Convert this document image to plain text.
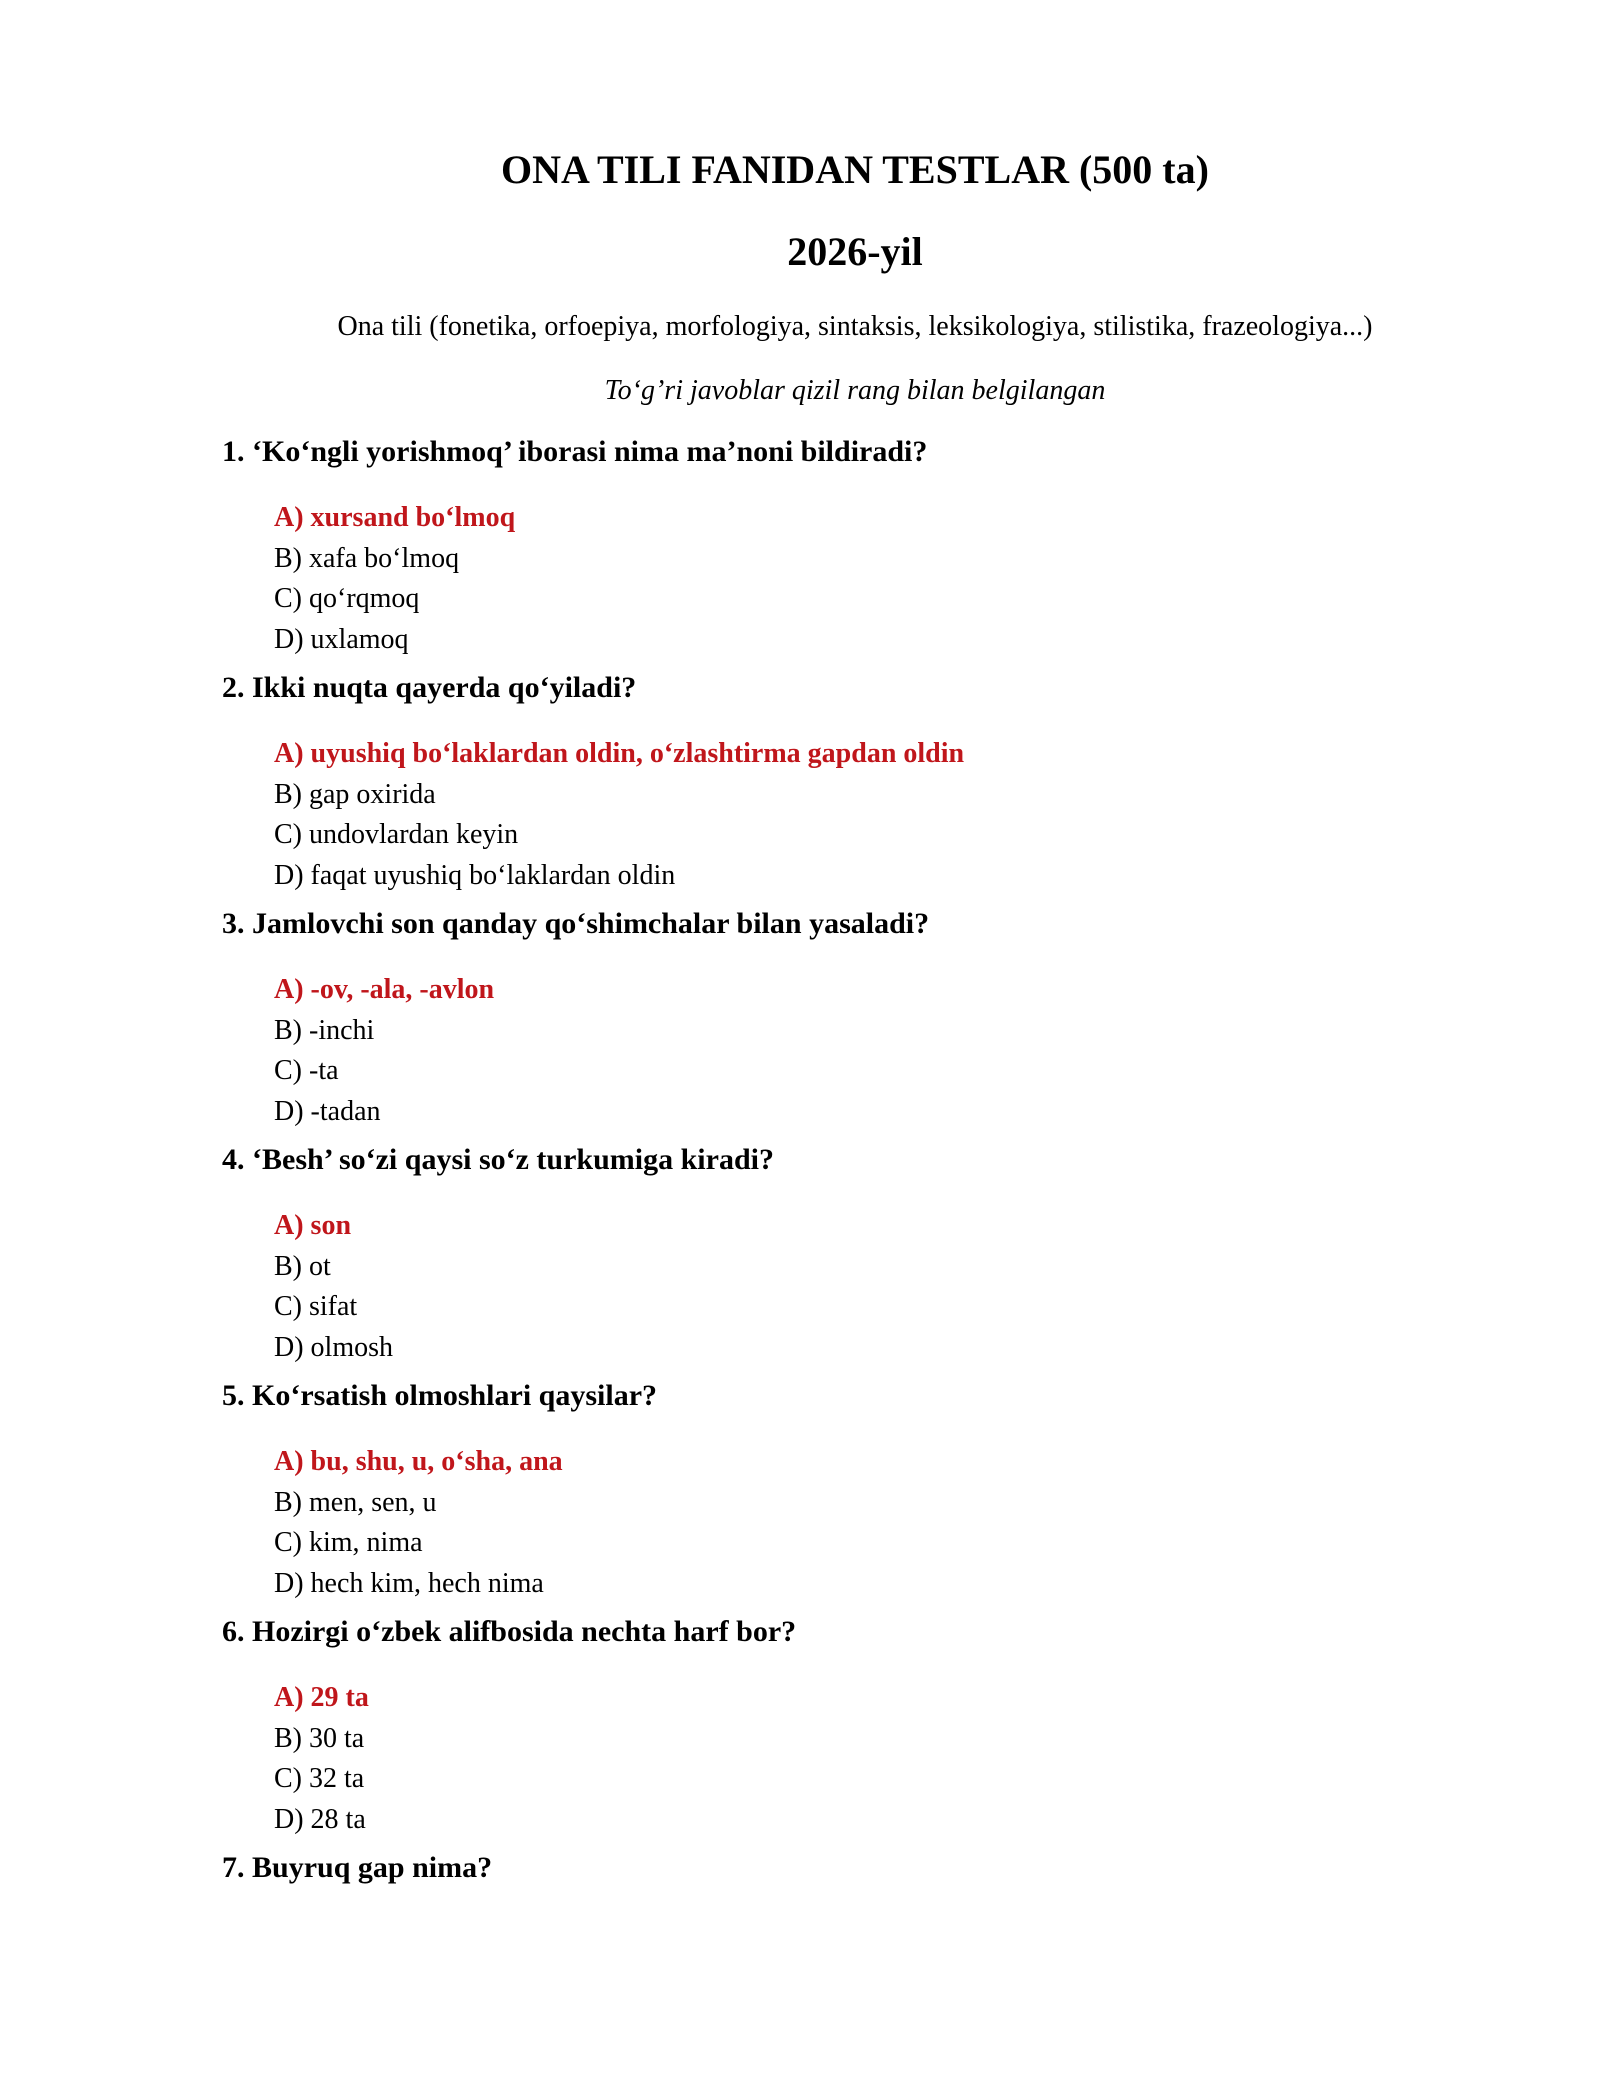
ONA TILI FANIDAN TESTLAR (500 ta)
2026-yil
Ona tili (fonetika, orfoepiya, morfologiya, sintaksis, leksikologiya, stilistika, frazeologiya...)
To‘g’ri javoblar qizil rang bilan belgilangan
1. ‘Ko‘ngli yorishmoq’ iborasi nima ma’noni bildiradi?
A) xursand bo‘lmoq
B) xafa bo‘lmoq
C) qo‘rqmoq
D) uxlamoq
2. Ikki nuqta qayerda qo‘yiladi?
A) uyushiq bo‘laklardan oldin, o‘zlashtirma gapdan oldin
B) gap oxirida
C) undovlardan keyin
D) faqat uyushiq bo‘laklardan oldin
3. Jamlovchi son qanday qo‘shimchalar bilan yasaladi?
A) -ov, -ala, -avlon
B) -inchi
C) -ta
D) -tadan
4. ‘Besh’ so‘zi qaysi so‘z turkumiga kiradi?
A) son
B) ot
C) sifat
D) olmosh
5. Ko‘rsatish olmoshlari qaysilar?
A) bu, shu, u, o‘sha, ana
B) men, sen, u
C) kim, nima
D) hech kim, hech nima
6. Hozirgi o‘zbek alifbosida nechta harf bor?
A) 29 ta
B) 30 ta
C) 32 ta
D) 28 ta
7. Buyruq gap nima?
